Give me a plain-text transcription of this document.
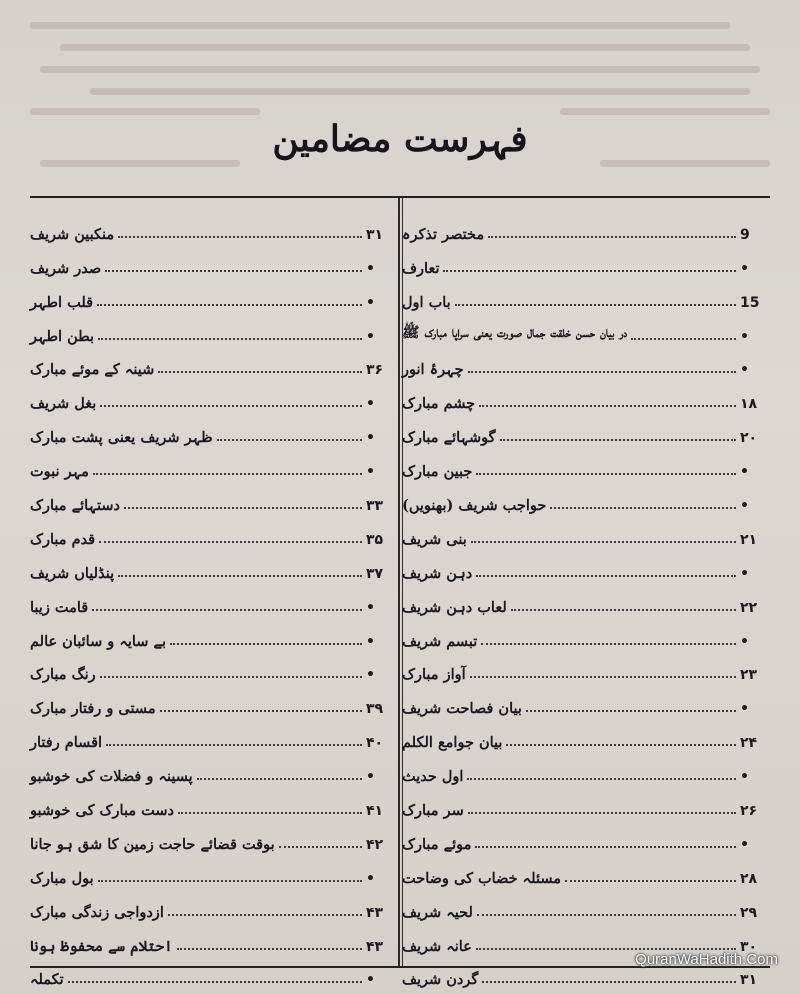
فہرست مضامین
مختصر تذکرہ	9
تعارف	•
باب اول	15
در بیان حسن خلقت جمال صورت یعنی سراپا مبارک ﷺ	•
چہرۂ انور	•
چشم مبارک	۱۸
گوشہائے مبارک	۲۰
جبین مبارک	•
حواجب شریف (بھنویں)	•
بنی شریف	۲۱
دہن شریف	•
لعاب دہن شریف	۲۲
تبسم شریف	•
آواز مبارک	۲۳
بیان فصاحت شریف	•
بیان جوامع الکلم	۲۴
اول حدیث	•
سر مبارک	۲۶
موئے مبارک	•
مسئلہ خضاب کی وضاحت	۲۸
لحیہ شریف	۲۹
عانہ شریف	۳۰
گردن شریف	۳۱
منکبین شریف	۳۱
صدر شریف	•
قلب اطہر	•
بطن اطہر	•
شینہ کے موئے مبارک	۳۶
بغل شریف	•
ظہر شریف یعنی پشت مبارک	•
مہر نبوت	•
دستہائے مبارک	۳۳
قدم مبارک	۳۵
پنڈلیاں شریف	۳۷
قامت زیبا	•
بے سایہ و سائبان عالم	•
رنگ مبارک	•
مستی و رفتار مبارک	۳۹
اقسام رفتار	۴۰
پسینہ و فضلات کی خوشبو	•
دست مبارک کی خوشبو	۴۱
بوقت قضائے حاجت زمین کا شق ہو جانا	۴۲
بول مبارک	•
ازدواجی زندگی مبارک	۴۳
احتلام سے محفوظ ہونا	۴۳
تکملہ	•
QuranWaHadith.Com
